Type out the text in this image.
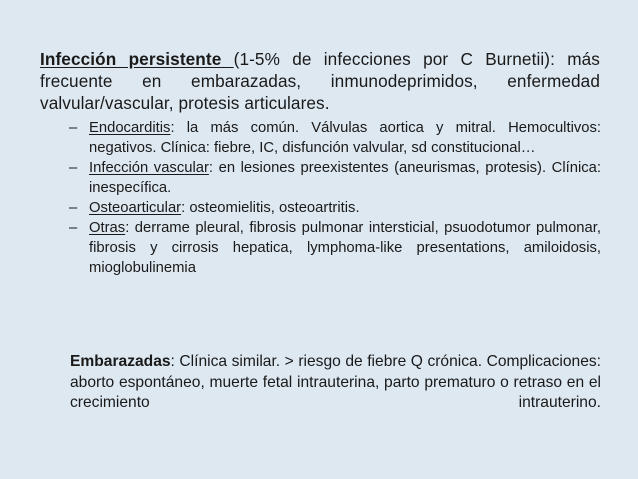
Infección persistente (1-5% de infecciones por C Burnetii): más frecuente en embarazadas, inmunodeprimidos, enfermedad valvular/vascular, protesis articulares.

– Endocarditis: la más común. Válvulas aortica y mitral. Hemocultivos: negativos. Clínica: fiebre, IC, disfunción valvular, sd constitucional…
– Infección vascular: en lesiones preexistentes (aneurismas, protesis). Clínica: inespecífica.
– Osteoarticular: osteomielitis, osteoartritis.
– Otras: derrame pleural, fibrosis pulmonar intersticial, psuodotumor pulmonar, fibrosis y cirrosis hepatica, lymphoma-like presentations, amiloidosis, mioglobulinemia

Embarazadas: Clínica similar. > riesgo de fiebre Q crónica. Complicaciones: aborto espontáneo, muerte fetal intrauterina, parto prematuro o retraso en el crecimiento intrauterino.
